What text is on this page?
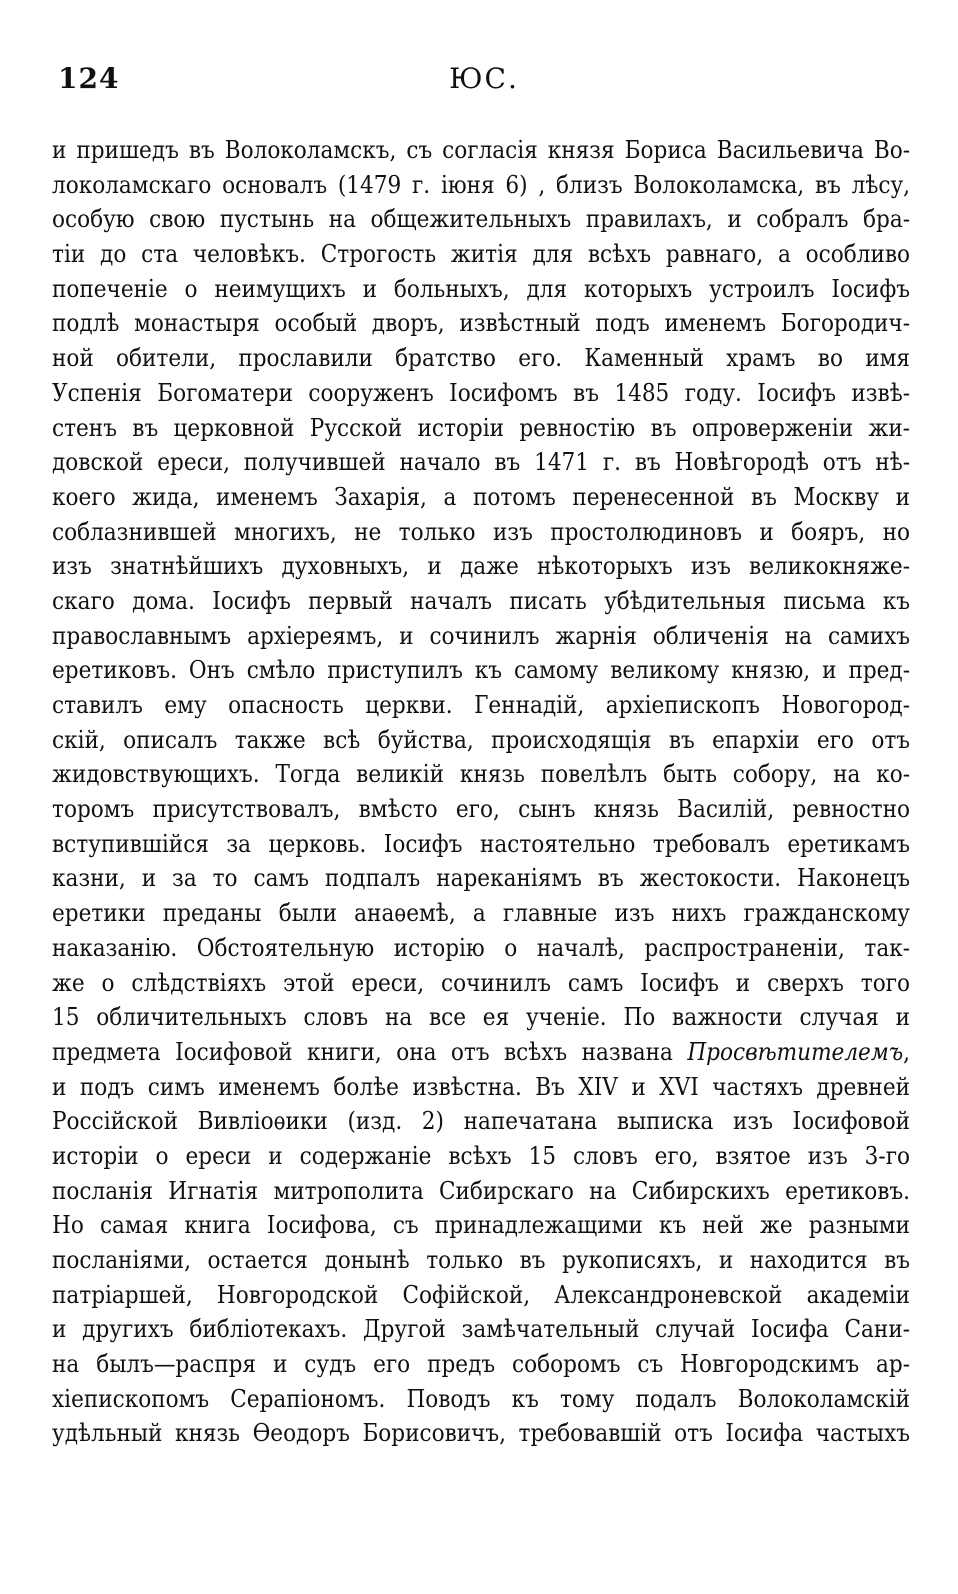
124	ЮС.
и пришедъ въ Волоколамскъ, съ согласія князя Бориса Васильевича Во-
локоламскаго основалъ (1479 г. іюня 6) , близъ Волоколамска, въ лѣсу,
особую свою пустынь на общежительныхъ правилахъ, и собралъ бра-
тіи до ста человѣкъ. Строгость житія для всѣхъ равнаго, а особливо
попеченіе о неимущихъ и больныхъ, для которыхъ устроилъ Іосифъ
подлѣ монастыря особый дворъ, извѣстный подъ именемъ Богородич-
ной обители, прославили братство его. Каменный храмъ во имя
Успенія Богоматери сооруженъ Іосифомъ въ 1485 году. Іосифъ извѣ-
стенъ въ церковной Русской исторіи ревностію въ опроверженіи жи-
довской ереси, получившей начало въ 1471 г. въ Новѣгородѣ отъ нѣ-
коего жида, именемъ Захарія, а потомъ перенесенной въ Москву и
соблазнившей многихъ, не только изъ простолюдиновъ и бояръ, но
изъ знатнѣйшихъ духовныхъ, и даже нѣкоторыхъ изъ великокняже-
скаго дома. Іосифъ первый началъ писать убѣдительныя письма къ
православнымъ архіереямъ, и сочинилъ жарнія обличенія на самихъ
еретиковъ. Онъ смѣло приступилъ къ самому великому князю, и пред-
ставилъ ему опасность церкви. Геннадій, архіепископъ Новогород-
скій, описалъ также всѣ буйства, происходящія въ епархіи его отъ
жидовствующихъ. Тогда великій князь повелѣлъ быть собору, на ко-
торомъ присутствовалъ, вмѣсто его, сынъ князь Василій, ревностно
вступившійся за церковь. Іосифъ настоятельно требовалъ еретикамъ
казни, и за то самъ подпалъ нареканіямъ въ жестокости. Наконецъ
еретики преданы были анаѳемѣ, а главные изъ нихъ гражданскому
наказанію. Обстоятельную исторію о началѣ, распространеніи, так-
же о слѣдствіяхъ этой ереси, сочинилъ самъ Іосифъ и сверхъ того
15 обличительныхъ словъ на все ея ученіе. По важности случая и
предмета Іосифовой книги, она отъ всѣхъ названа Просвѣтителемъ,
и подъ симъ именемъ болѣе извѣстна. Въ XIV и XVI частяхъ древней
Россійской Вивліоѳики (изд. 2) напечатана выписка изъ Іосифовой
исторіи о ереси и содержаніе всѣхъ 15 словъ его, взятое изъ 3-го
посланія Игнатія митрополита Сибирскаго на Сибирскихъ еретиковъ.
Но самая книга Іосифова, съ принадлежащими къ ней же разными
посланіями, остается донынѣ только въ рукописяхъ, и находится въ
патріаршей, Новгородской Софійской, Александроневской академіи
и другихъ библіотекахъ. Другой замѣчательный случай Іосифа Сани-
на былъ—распря и судъ его предъ соборомъ съ Новгородскимъ ар-
хіепископомъ Серапіономъ. Поводъ къ тому подалъ Волоколамскій
удѣльный князь Ѳеодоръ Борисовичъ, требовавшій отъ Іосифа частыхъ
